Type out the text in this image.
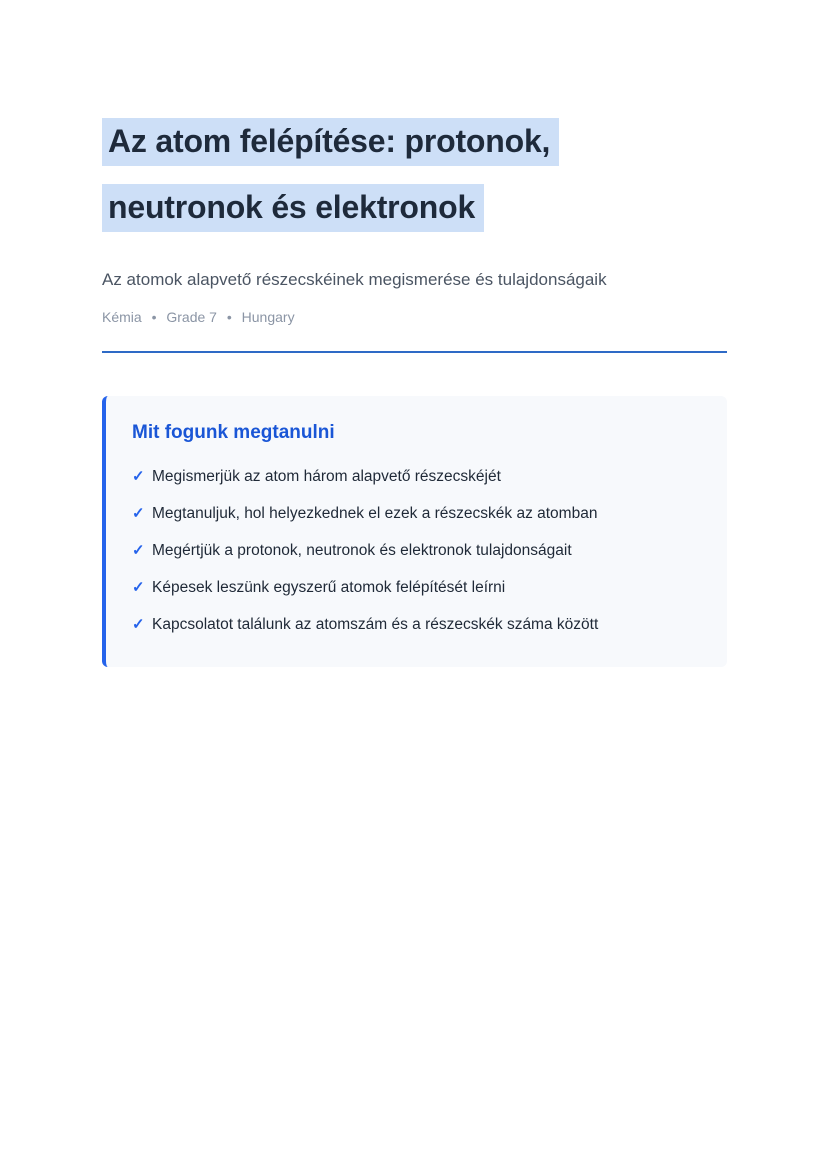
Az atom felépítése: protonok,
neutronok és elektronok

Az atomok alapvető részecskéinek megismerése és tulajdonságaik

Kémia • Grade 7 • Hungary

Mit fogunk megtanulni
✓ Megismerjük az atom három alapvető részecskéjét
✓ Megtanuljuk, hol helyezkednek el ezek a részecskék az atomban
✓ Megértjük a protonok, neutronok és elektronok tulajdonságait
✓ Képesek leszünk egyszerű atomok felépítését leírni
✓ Kapcsolatot találunk az atomszám és a részecskék száma között
